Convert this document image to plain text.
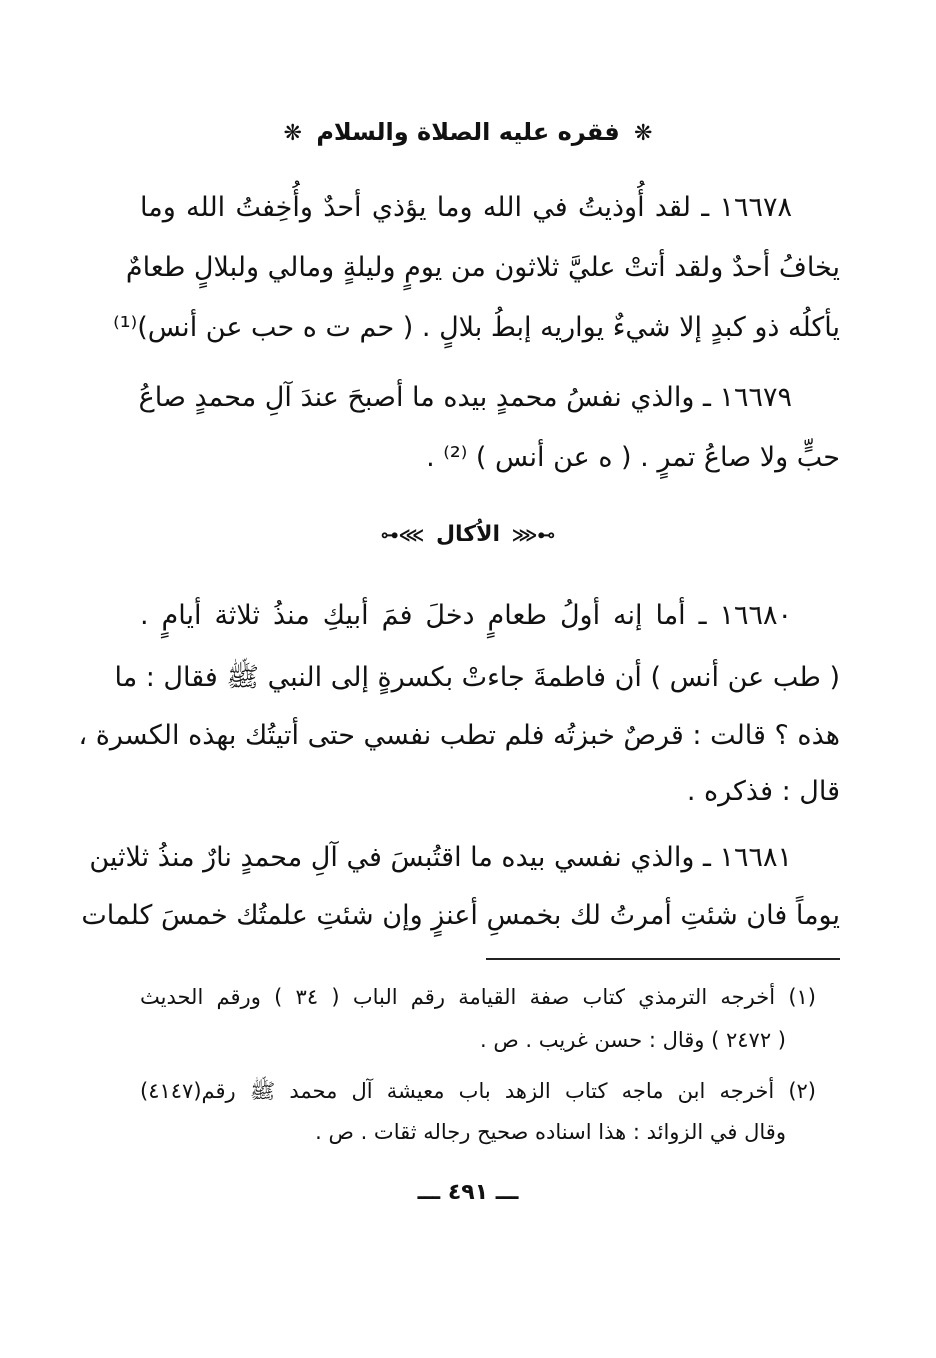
❋ فقره عليه الصلاة والسلام ❋
١٦٦٧٨ ـ لقد أُوذيتُ في الله وما يؤذي أحدٌ وأُخِفتُ الله وما
يخافُ أحدٌ ولقد أتتْ عليَّ ثلاثون من يومٍ وليلةٍ ومالي ولبلالٍ طعامٌ
يأكلُه ذو كبدٍ إلا شيءٌ يواريه إبطُ بلالٍ . ( حم ت ه حب عن أنس)⁽¹⁾
١٦٦٧٩ ـ والذي نفسُ محمدٍ بيده ما أصبحَ عندَ آلِ محمدٍ صاعُ
حبٍّ ولا صاعُ تمرٍ . ( ه عن أنس ) ⁽²⁾ .
⊶⋘ الاُكال ⋙⊷
١٦٦٨٠ ـ أما إنه أولُ طعامٍ دخلَ فمَ أبيكِ منذُ ثلاثة أيامٍ .
( طب عن أنس ) أن فاطمةَ جاءتْ بكسرةٍ إلى النبي ﷺ فقال : ما
هذه ؟ قالت : قرصٌ خبزتُه فلم تطب نفسي حتى أتيتُك بهذه الكسرة ،
قال : فذكره .
١٦٦٨١ ـ والذي نفسي بيده ما اقتُبسَ في آلِ محمدٍ نارٌ منذُ ثلاثين
يوماً فان شئتِ أمرتُ لك بخمسِ أعنزٍ وإن شئتِ علمتُك خمسَ كلمات
(١) أخرجه الترمذي كتاب صفة القيامة رقم الباب ( ٣٤ ) ورقم الحديث
( ٢٤٧٢ ) وقال : حسن غريب . ص .
(٢) أخرجه ابن ماجه كتاب الزهد باب معيشة آل محمد ﷺ رقم(٤١٤٧)
وقال في الزوائد : هذا اسناده صحيح رجاله ثقات . ص .
ـــ ٤٩١ ـــ
